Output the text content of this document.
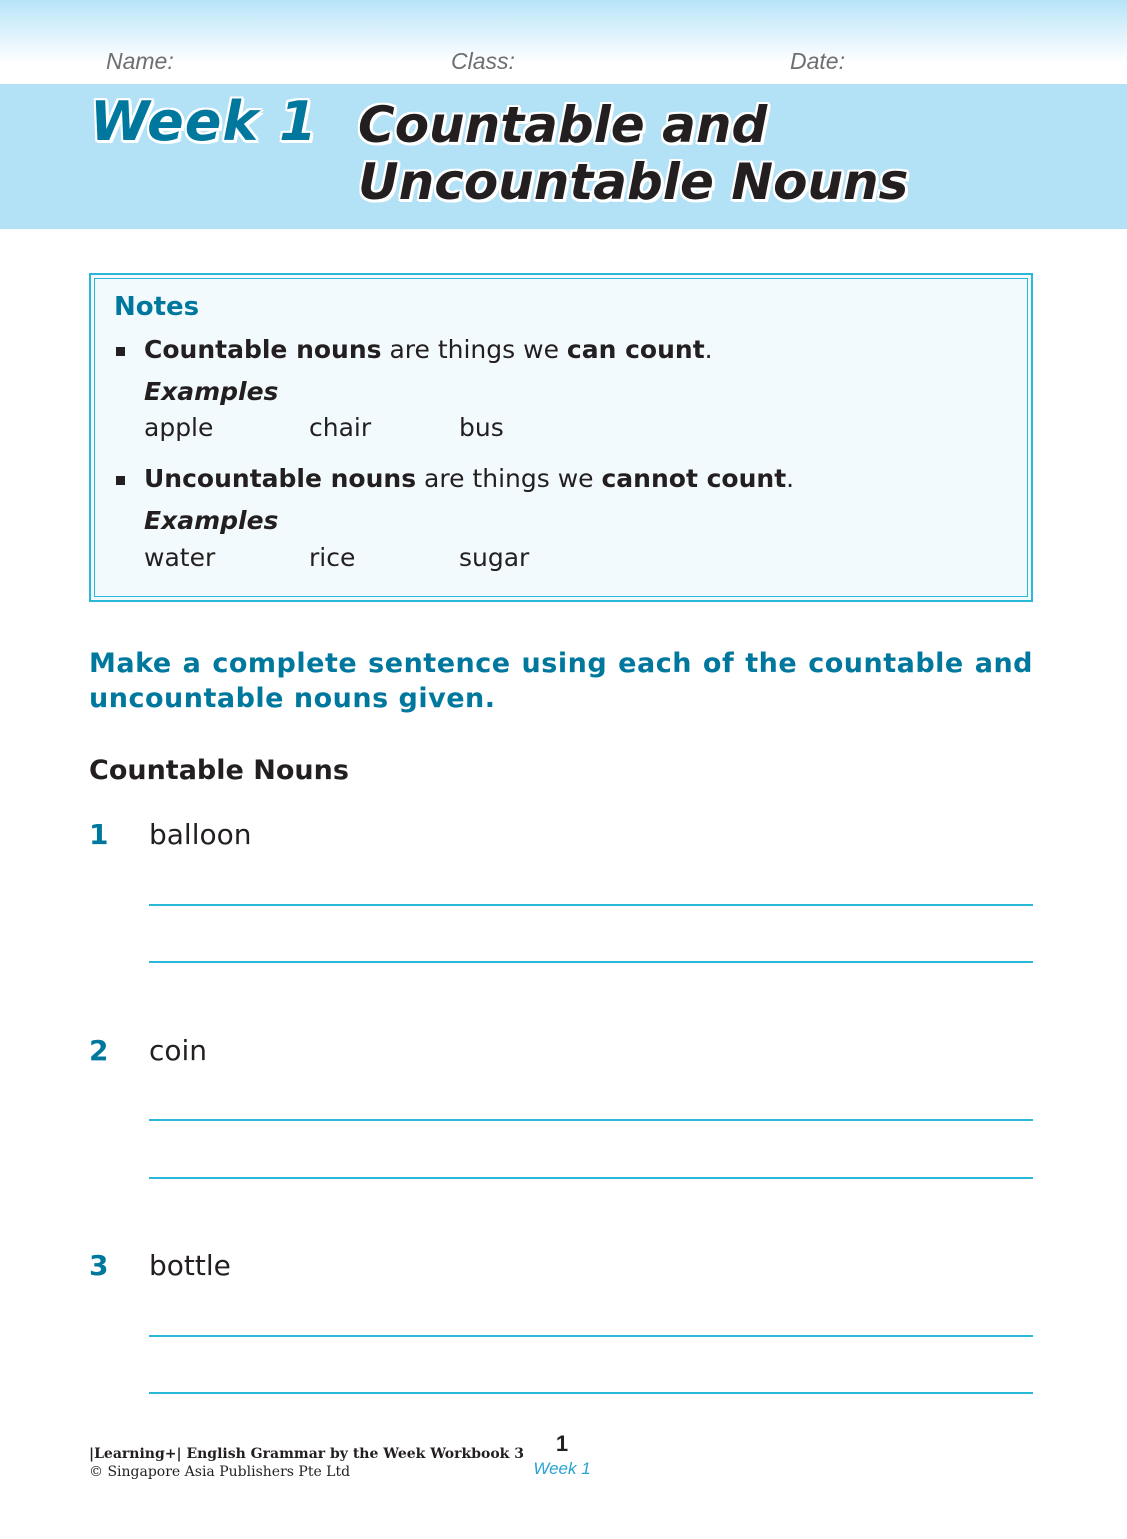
Name:	Class:	Date:
Week 1 Countable and
Uncountable Nouns
Notes
Countable nouns are things we can count.
Examples
apple	chair	bus
Uncountable nouns are things we cannot count.
Examples
water	rice	sugar
Make a complete sentence using each of the countable and uncountable nouns given.
Countable Nouns
1 balloon
2 coin
3 bottle
|Learning+| English Grammar by the Week Workbook 3
© Singapore Asia Publishers Pte Ltd
1
Week 1
